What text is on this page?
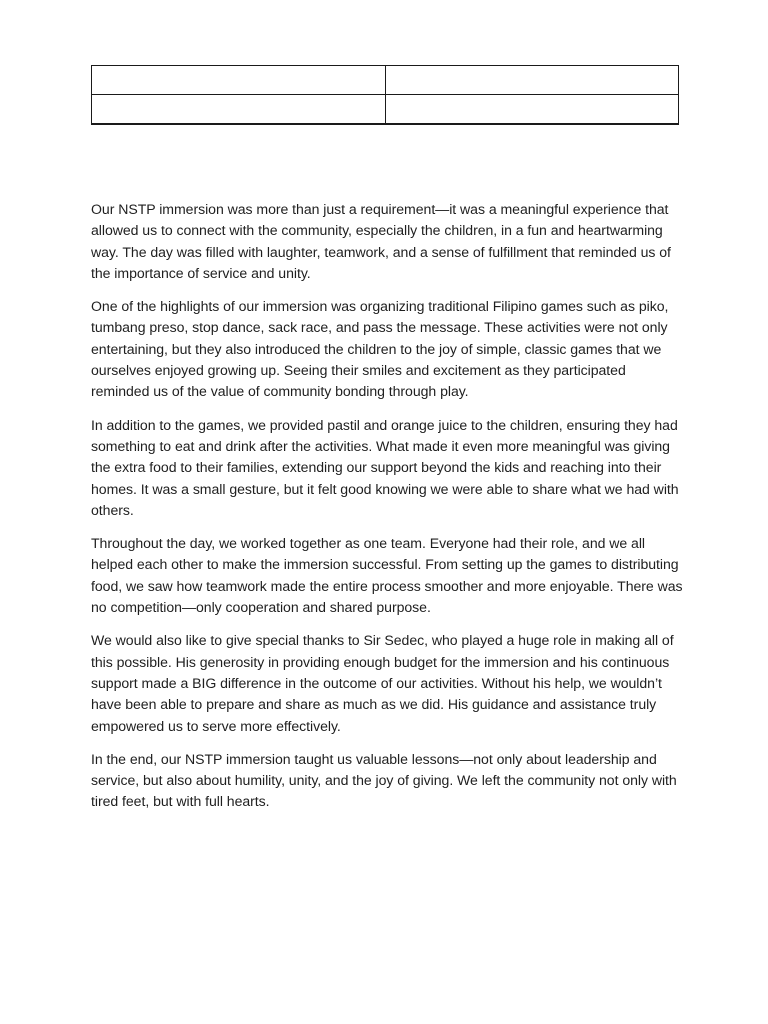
Our NSTP immersion was more than just a requirement—it was a meaningful experience that allowed us to connect with the community, especially the children, in a fun and heartwarming way. The day was filled with laughter, teamwork, and a sense of fulfillment that reminded us of the importance of service and unity.

One of the highlights of our immersion was organizing traditional Filipino games such as piko, tumbang preso, stop dance, sack race, and pass the message. These activities were not only entertaining, but they also introduced the children to the joy of simple, classic games that we ourselves enjoyed growing up. Seeing their smiles and excitement as they participated reminded us of the value of community bonding through play.

In addition to the games, we provided pastil and orange juice to the children, ensuring they had something to eat and drink after the activities. What made it even more meaningful was giving the extra food to their families, extending our support beyond the kids and reaching into their homes. It was a small gesture, but it felt good knowing we were able to share what we had with others.

Throughout the day, we worked together as one team. Everyone had their role, and we all helped each other to make the immersion successful. From setting up the games to distributing food, we saw how teamwork made the entire process smoother and more enjoyable. There was no competition—only cooperation and shared purpose.

We would also like to give special thanks to Sir Sedec, who played a huge role in making all of this possible. His generosity in providing enough budget for the immersion and his continuous support made a BIG difference in the outcome of our activities. Without his help, we wouldn’t have been able to prepare and share as much as we did. His guidance and assistance truly empowered us to serve more effectively.

In the end, our NSTP immersion taught us valuable lessons—not only about leadership and service, but also about humility, unity, and the joy of giving. We left the community not only with tired feet, but with full hearts.
